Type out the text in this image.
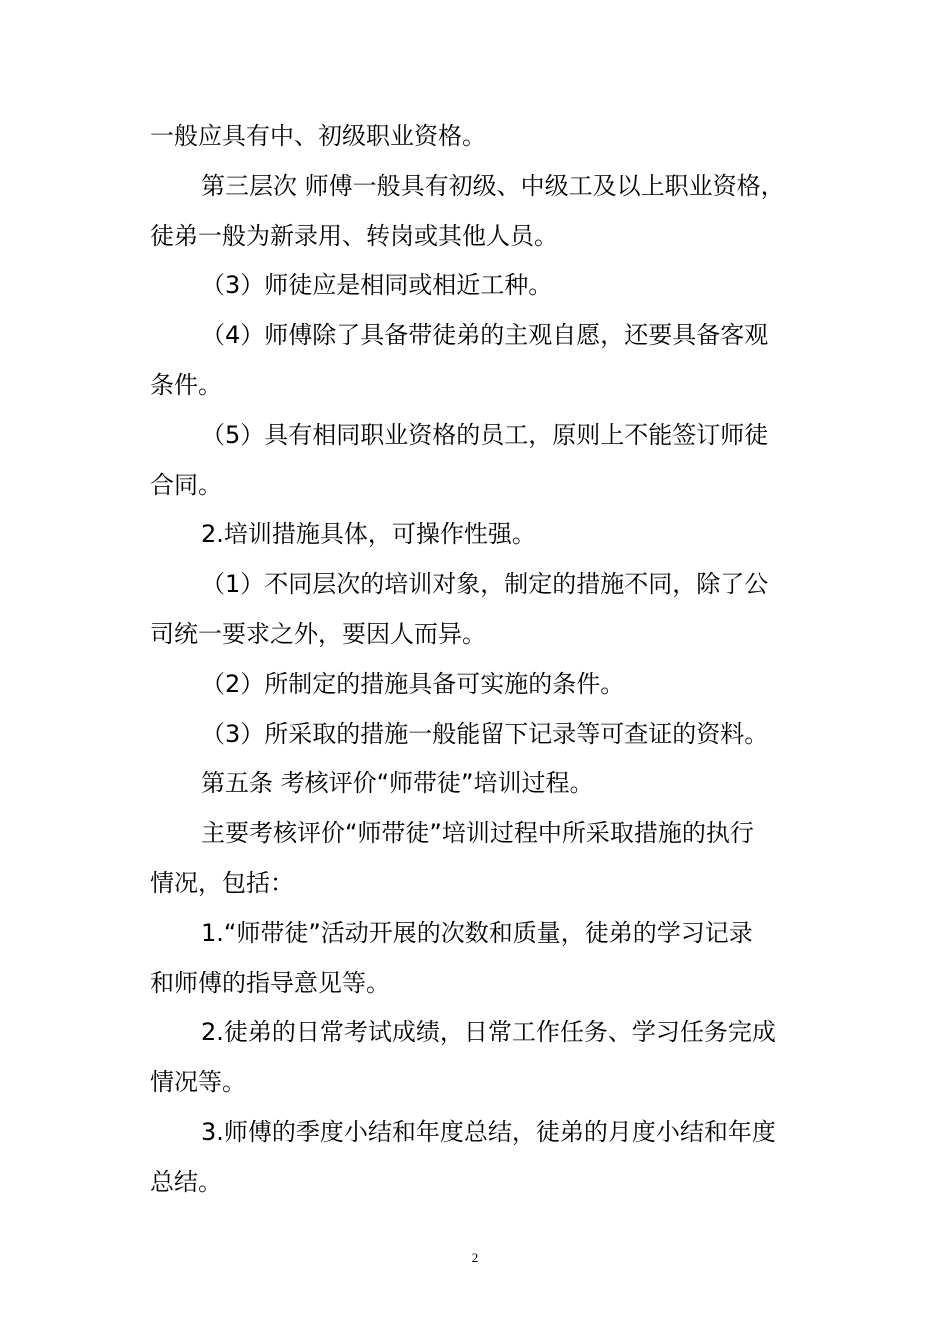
一般应具有中、初级职业资格。
第三层次 师傅一般具有初级、中级工及以上职业资格，
徒弟一般为新录用、转岗或其他人员。
（3）师徒应是相同或相近工种。
（4）师傅除了具备带徒弟的主观自愿，还要具备客观
条件。
（5）具有相同职业资格的员工，原则上不能签订师徒
合同。
2.培训措施具体，可操作性强。
（1）不同层次的培训对象，制定的措施不同，除了公
司统一要求之外，要因人而异。
（2）所制定的措施具备可实施的条件。
（3）所采取的措施一般能留下记录等可查证的资料。
第五条 考核评价“师带徒”培训过程。
主要考核评价“师带徒”培训过程中所采取措施的执行
情况，包括：
1.“师带徒”活动开展的次数和质量，徒弟的学习记录
和师傅的指导意见等。
2.徒弟的日常考试成绩，日常工作任务、学习任务完成
情况等。
3.师傅的季度小结和年度总结，徒弟的月度小结和年度
总结。
2
